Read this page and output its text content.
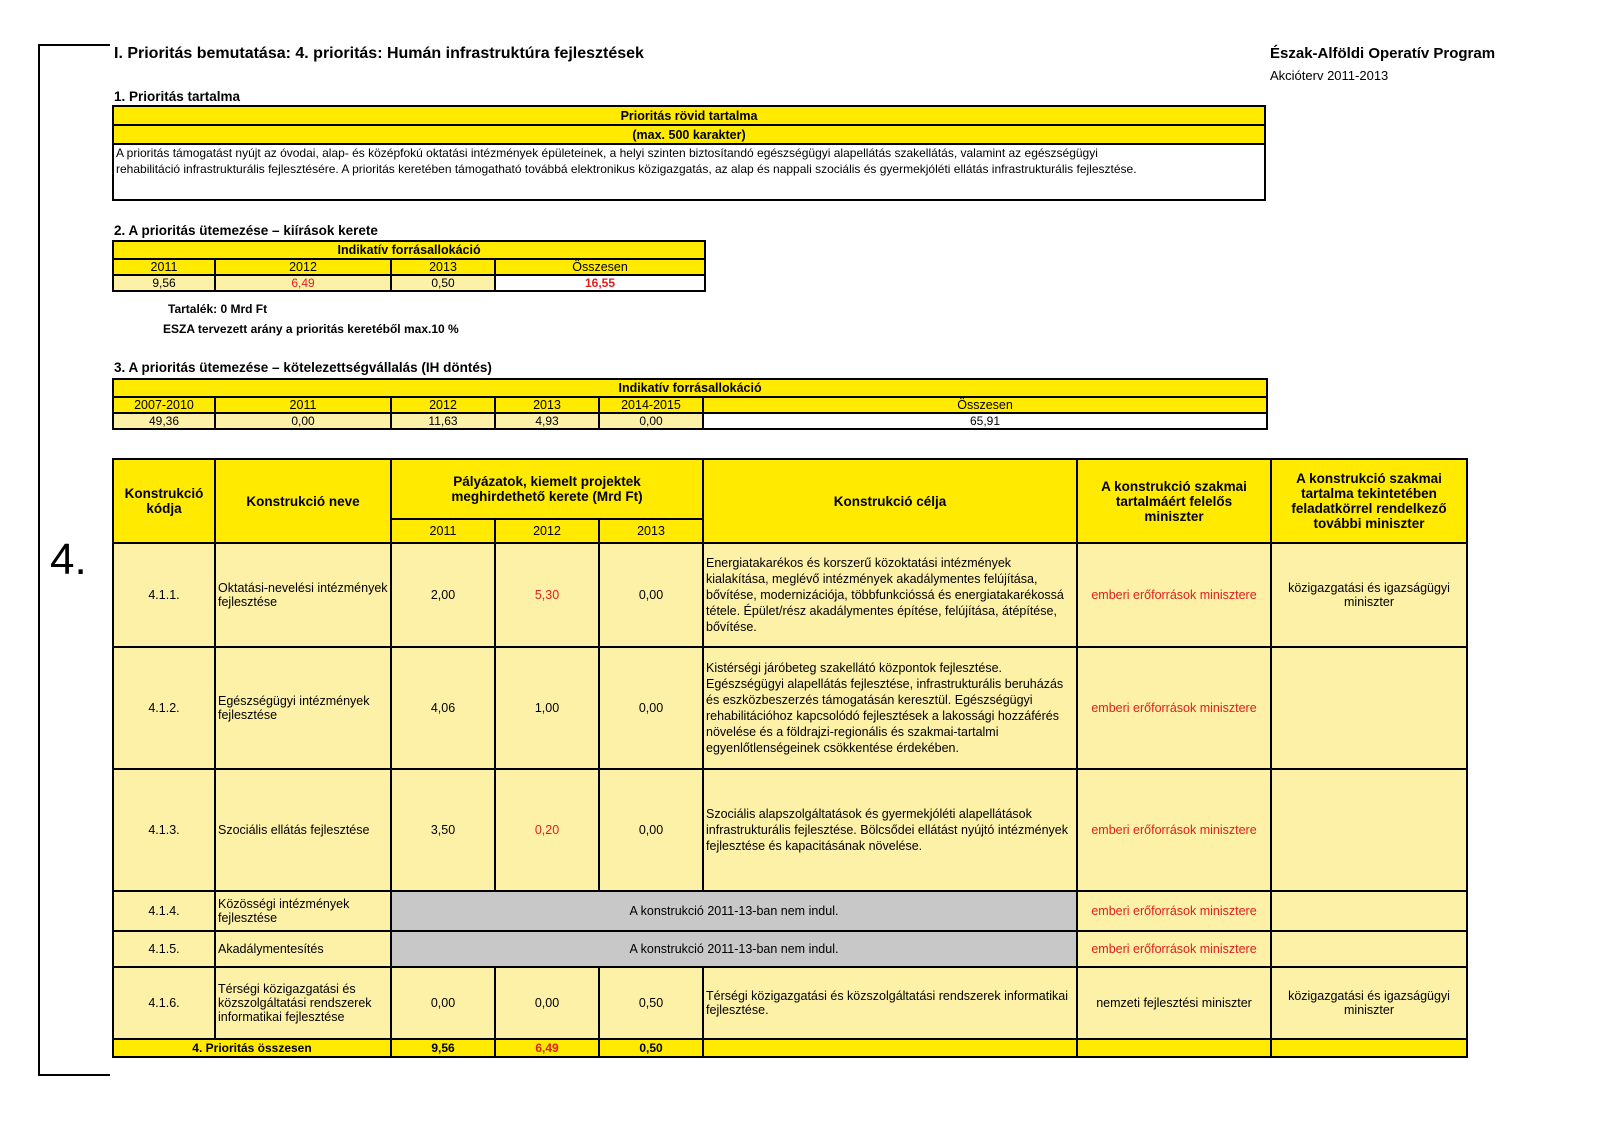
4.
I. Prioritás bemutatása: 4. prioritás: Humán infrastruktúra fejlesztések	Észak-Alföldi Operatív Program
Akcióterv 2011-2013
1. Prioritás tartalma
Prioritás rövid tartalma
(max. 500 karakter)

A prioritás támogatást nyújt az óvodai, alap- és középfokú oktatási intézmények épületeinek, a helyi szinten biztosítandó egészségügyi alapellátás szakellátás, valamint az egészségügyi
rehabilitáció infrastrukturális fejlesztésére. A prioritás keretében támogatható továbbá elektronikus közigazgatás, az alap és nappali szociális és gyermekjóléti ellátás infrastrukturális fejlesztése.
2. A prioritás ütemezése – kiírások kerete
Indikatív forrásallokáció			
2011	2012	2013	Összesen
9,56	6,49	0,50	16,55
Tartalék: 0 Mrd Ft
ESZA tervezett arány a prioritás keretéből max.10 %
3. A prioritás ütemezése – kötelezettségvállalás (IH döntés)
Indikatív forrásallokáció					
2007-2010	2011	2012	2013	2014-2015	Összesen
49,36	0,00	11,63	4,93	0,00	65,91
Konstrukció kódja	Konstrukció neve	Pályázatok, kiemelt projektek meghirdethető kerete (Mrd Ft)			Konstrukció célja	A konstrukció szakmai tartalmáért felelős miniszter	A konstrukció szakmai tartalma tekintetében feladatkörrel rendelkező további miniszter
		2011	2012	2013			
4.1.1.	Oktatási-nevelési intézmények fejlesztése	2,00	5,30	0,00	Energiatakarékos és korszerű közoktatási intézmények kialakítása, meglévő intézmények akadálymentes felújítása, bővítése, modernizációja, többfunkcióssá és energiatakarékossá tétele. Épület/rész akadálymentes építése, felújítása, átépítése, bővítése.	emberi erőforrások minisztere	közigazgatási és igazságügyi miniszter
4.1.2.	Egészségügyi intézmények fejlesztése	4,06	1,00	0,00	Kistérségi járóbeteg szakellátó központok fejlesztése. Egészségügyi alapellátás fejlesztése, infrastrukturális beruházás és eszközbeszerzés támogatásán keresztül. Egészségügyi rehabilitációhoz kapcsolódó fejlesztések a lakossági hozzáférés növelése és a földrajzi-regionális és szakmai-tartalmi egyenlőtlenségeinek csökkentése érdekében.	emberi erőforrások minisztere	
4.1.3.	Szociális ellátás fejlesztése	3,50	0,20	0,00	Szociális alapszolgáltatások és gyermekjóléti alapellátások infrastrukturális fejlesztése. Bölcsődei ellátást nyújtó intézmények fejlesztése és kapacitásának növelése.	emberi erőforrások minisztere	
4.1.4.	Közösségi intézmények fejlesztése	A konstrukció 2011-13-ban nem indul.				emberi erőforrások minisztere	
4.1.5.	Akadálymentesítés	A konstrukció 2011-13-ban nem indul.				emberi erőforrások minisztere	
4.1.6.	Térségi közigazgatási és közszolgáltatási rendszerek informatikai fejlesztése	0,00	0,00	0,50	Térségi közigazgatási és közszolgáltatási rendszerek informatikai fejlesztése.	nemzeti fejlesztési miniszter	közigazgatási és igazságügyi miniszter
4. Prioritás összesen		9,56	6,49	0,50			
